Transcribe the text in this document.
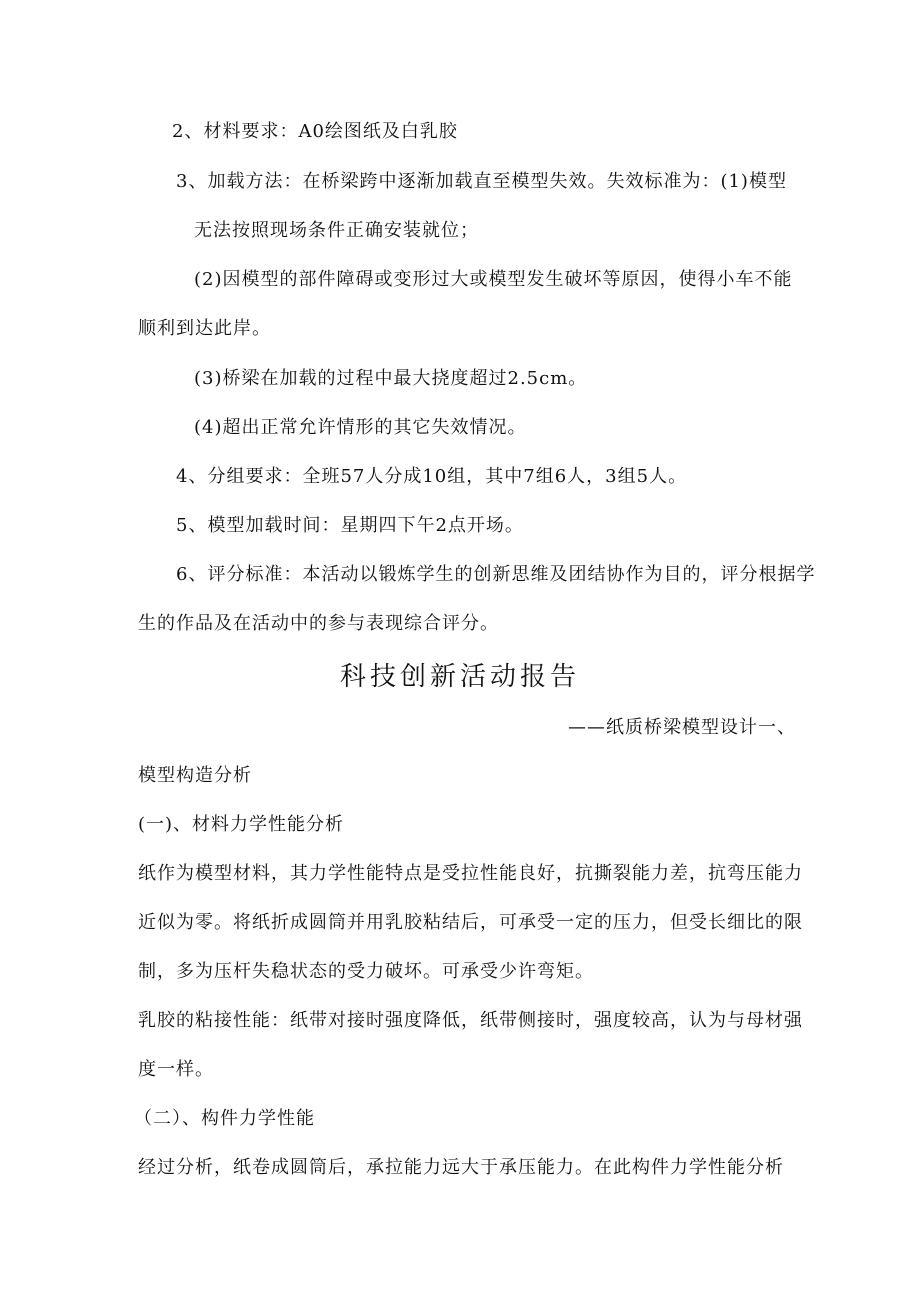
2、材料要求：A0绘图纸及白乳胶
3、加载方法：在桥梁跨中逐渐加载直至模型失效。失效标准为：(1)模型
无法按照现场条件正确安装就位；
(2)因模型的部件障碍或变形过大或模型发生破坏等原因，使得小车不能
顺利到达此岸。
(3)桥梁在加载的过程中最大挠度超过2.5cm。
(4)超出正常允许情形的其它失效情况。
4、分组要求：全班57人分成10组，其中7组6人，3组5人。
5、模型加载时间：星期四下午2点开场。
6、评分标准：本活动以锻炼学生的创新思维及团结协作为目的，评分根据学
生的作品及在活动中的参与表现综合评分。
科技创新活动报告
——纸质桥梁模型设计一、
模型构造分析
(一)、材料力学性能分析
纸作为模型材料，其力学性能特点是受拉性能良好，抗撕裂能力差，抗弯压能力
近似为零。将纸折成圆筒并用乳胶粘结后，可承受一定的压力，但受长细比的限
制，多为压杆失稳状态的受力破坏。可承受少许弯矩。
乳胶的粘接性能：纸带对接时强度降低，纸带侧接时，强度较高，认为与母材强
度一样。
（二）、构件力学性能
经过分析，纸卷成圆筒后，承拉能力远大于承压能力。在此构件力学性能分析
